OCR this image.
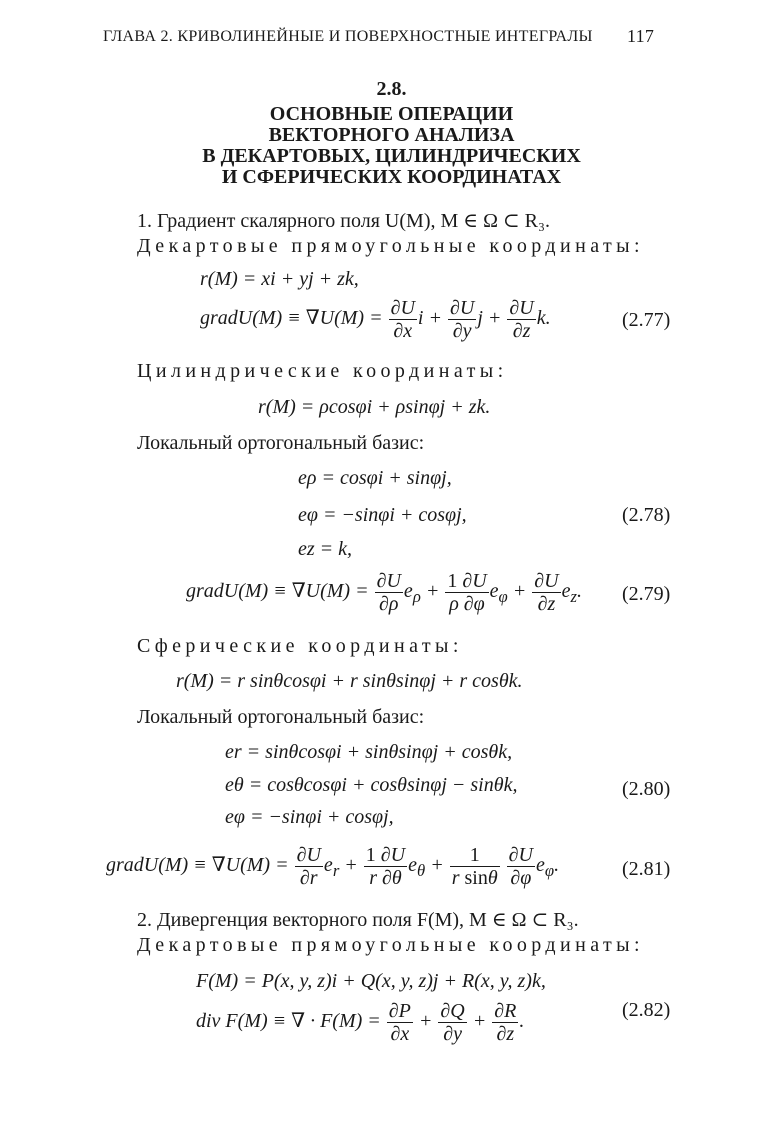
ГЛАВА 2. КРИВОЛИНЕЙНЫЕ И ПОВЕРХНОСТНЫЕ ИНТЕГРАЛЫ 117
2.8.
ОСНОВНЫЕ ОПЕРАЦИИ
ВЕКТОРНОГО АНАЛИЗА
В ДЕКАРТОВЫХ, ЦИЛИНДРИЧЕСКИХ
И СФЕРИЧЕСКИХ КООРДИНАТАХ
1. Градиент скалярного поля U(M), M ∈ Ω ⊂ R₃.
Декартовые прямоугольные координаты:
r(M) = xi + yj + zk,
gradU(M) ≡ $\nabla U(M) = \frac{\partial U}{\partial x}$ $i + \frac{\partial U}{\partial y}$ $j + \frac{\partial U}{\partial z} k$.	(2.77)
Цилиндрические координаты:
r(M) = ρcosφi + ρsinφj + zk.
Локальный ортогональный базис:
eρ = cosφi + sinφj,
eφ = −sinφi + cosφj,	(2.78)
ez = k,
gradU(M) ≡ $\nabla U(M) = \frac{\partial U}{\partial\rho} e_\rho + \frac{1 \partial U}{\rho \partial\varphi} e_\varphi + \frac{\partial U}{\partial z} e_z$. (2.79)
Сферические координаты:
r(M) = r sinθcosφi + r sinθsinφj + r cosθk.
Локальный ортогональный базис:
er = sinθcosφi + sinθsinφj + cosθk,
eθ = cosθcosφi + cosθsinφj − sinθk,	(2.80)
eφ = −sinφi + cosφj,
gradU(M) ≡ $\nabla U(M) = \frac{\partial U}{\partial r} e_r + \frac{1 \partial U}{r \partial\theta} e_\theta + \frac{1}{\text{r sinθ}}$
$\frac{\partial U}{\partial\varphi} e_\varphi$.	(2.81)
2. Дивергенция векторного поля F(M), M ∈ Ω ⊂ R₃.
Декартовые прямоугольные координаты:
F(M) = P(x, y, z)i + Q(x, y, z)j + R(x, y, z)k,
div F(M) ≡ ∇ · $F(M) = \frac{\partial P}{\partial x} + \frac{\partial Q}{\partial y} + \frac{\partial R}{\partial z}$ .
(2.82)
